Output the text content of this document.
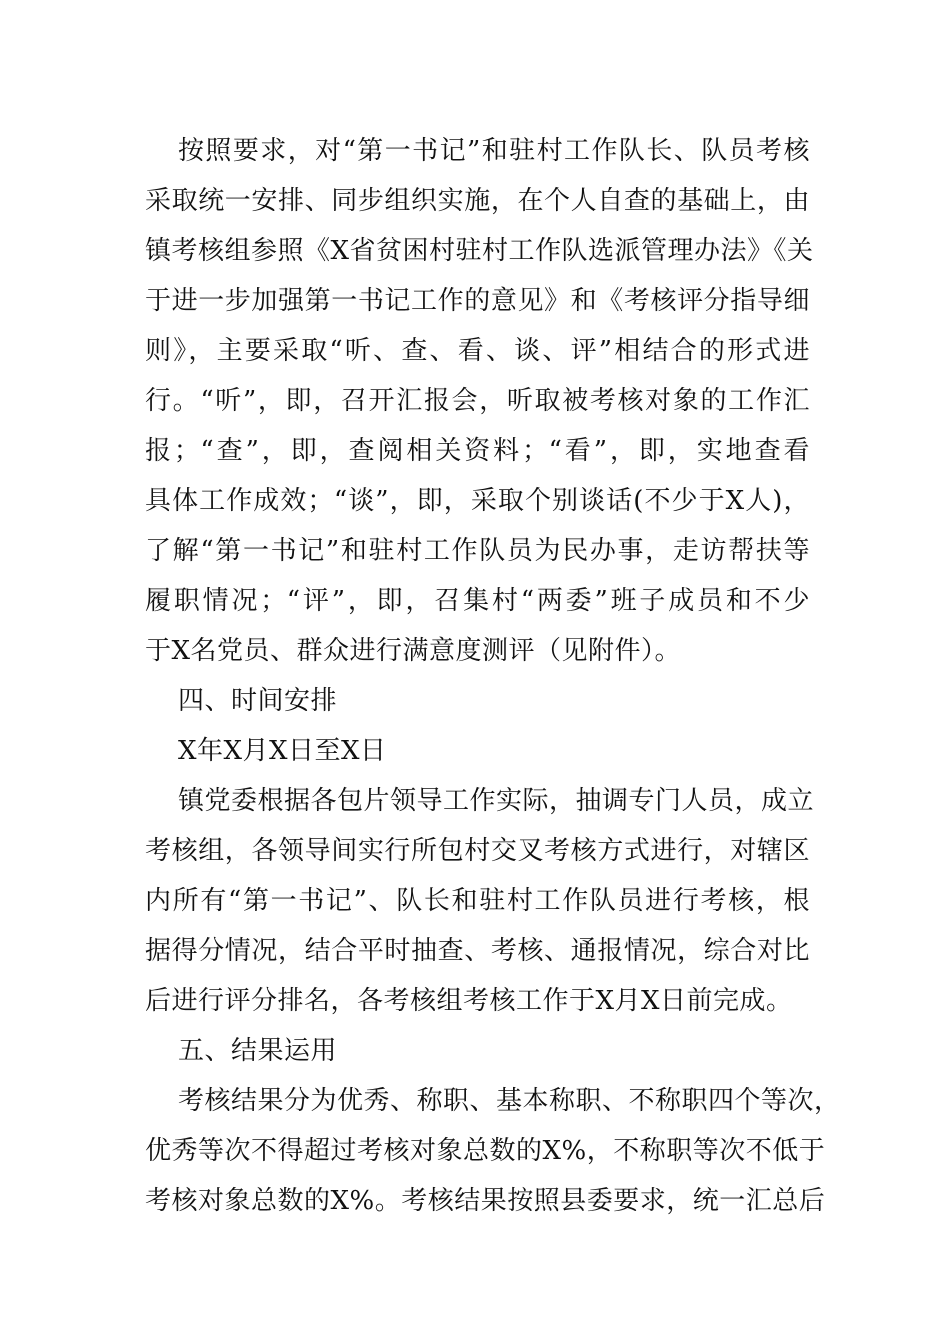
按照要求，对“第一书记”和驻村工作队长、队员考核
采取统一安排、同步组织实施，在个人自查的基础上，由
镇考核组参照《X省贫困村驻村工作队选派管理办法》《关
于进一步加强第一书记工作的意见》和《考核评分指导细
则》，主要采取“听、查、看、谈、评”相结合的形式进
行。“听”，即，召开汇报会，听取被考核对象的工作汇
报；“查”，即，查阅相关资料；“看”，即，实地查看
具体工作成效；“谈”，即，采取个别谈话(不少于X人)，
了解“第一书记”和驻村工作队员为民办事，走访帮扶等
履职情况；“评”，即，召集村“两委”班子成员和不少
于X名党员、群众进行满意度测评（见附件）。
四、时间安排
X年X月X日至X日
镇党委根据各包片领导工作实际，抽调专门人员，成立
考核组，各领导间实行所包村交叉考核方式进行，对辖区
内所有“第一书记”、队长和驻村工作队员进行考核，根
据得分情况，结合平时抽查、考核、通报情况，综合对比
后进行评分排名，各考核组考核工作于X月X日前完成。
五、结果运用
考核结果分为优秀、称职、基本称职、不称职四个等次，
优秀等次不得超过考核对象总数的X%，不称职等次不低于
考核对象总数的X%。考核结果按照县委要求，统一汇总后
